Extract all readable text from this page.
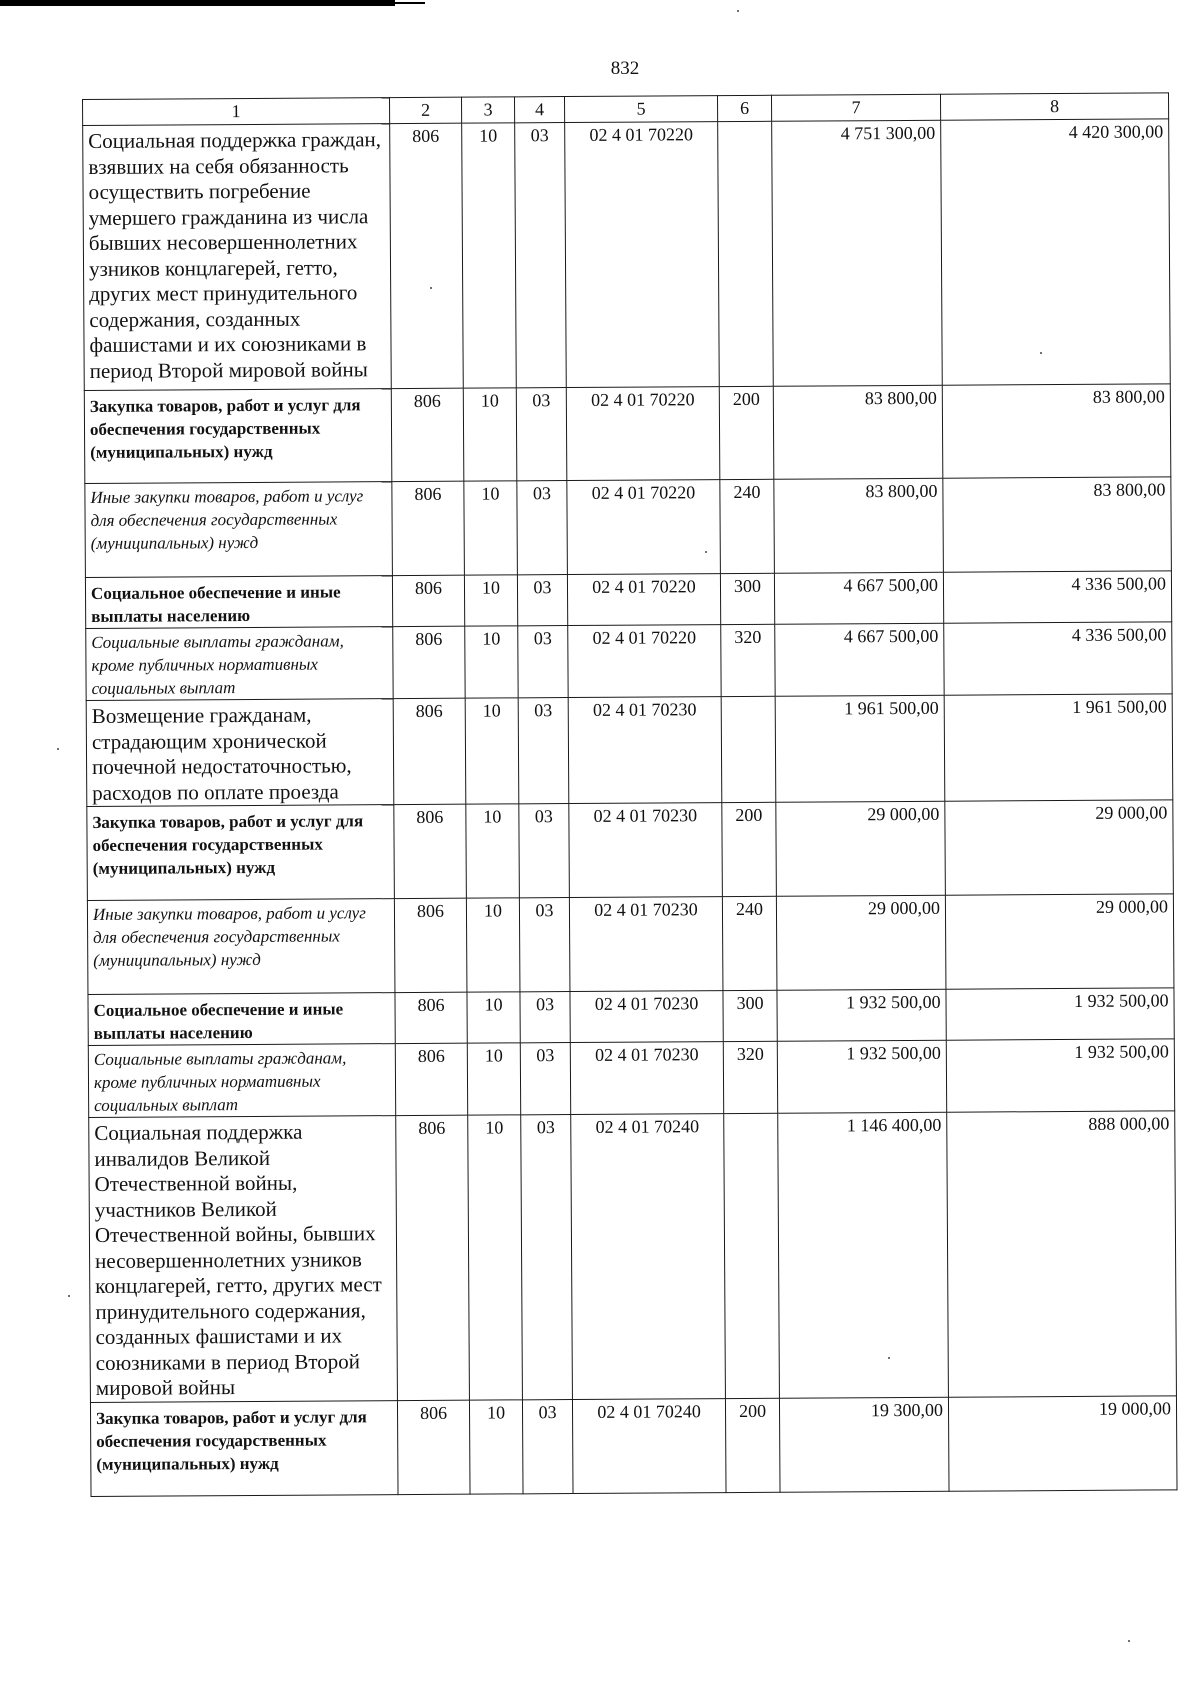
832
1	2	3	4	5	6	7	8
Социальная поддержка граждан, взявших на себя обязанность осуществить погребение умершего гражданина из числа бывших несовершеннолетних узников концлагерей, гетто, других мест принудительного содержания, созданных фашистами и их союзниками в период Второй мировой войны	806	10	03	02 4 01 70220		4 751 300,00	4 420 300,00
Закупка товаров, работ и услуг для обеспечения государственных (муниципальных) нужд	806	10	03	02 4 01 70220	200	83 800,00	83 800,00
Иные закупки товаров, работ и услуг для обеспечения государственных (муниципальных) нужд	806	10	03	02 4 01 70220	240	83 800,00	83 800,00
Социальное обеспечение и иные выплаты населению	806	10	03	02 4 01 70220	300	4 667 500,00	4 336 500,00
Социальные выплаты гражданам, кроме публичных нормативных социальных выплат	806	10	03	02 4 01 70220	320	4 667 500,00	4 336 500,00
Возмещение гражданам, страдающим хронической почечной недостаточностью, расходов по оплате проезда	806	10	03	02 4 01 70230		1 961 500,00	1 961 500,00
Закупка товаров, работ и услуг для обеспечения государственных (муниципальных) нужд	806	10	03	02 4 01 70230	200	29 000,00	29 000,00
Иные закупки товаров, работ и услуг для обеспечения государственных (муниципальных) нужд	806	10	03	02 4 01 70230	240	29 000,00	29 000,00
Социальное обеспечение и иные выплаты населению	806	10	03	02 4 01 70230	300	1 932 500,00	1 932 500,00
Социальные выплаты гражданам, кроме публичных нормативных социальных выплат	806	10	03	02 4 01 70230	320	1 932 500,00	1 932 500,00
Социальная поддержка инвалидов Великой Отечественной войны, участников Великой Отечественной войны, бывших несовершеннолетних узников концлагерей, гетто, других мест принудительного содержания, созданных фашистами и их союзниками в период Второй мировой войны	806	10	03	02 4 01 70240		1 146 400,00	888 000,00
Закупка товаров, работ и услуг для обеспечения государственных (муниципальных) нужд	806	10	03	02 4 01 70240	200	19 300,00	19 000,00
